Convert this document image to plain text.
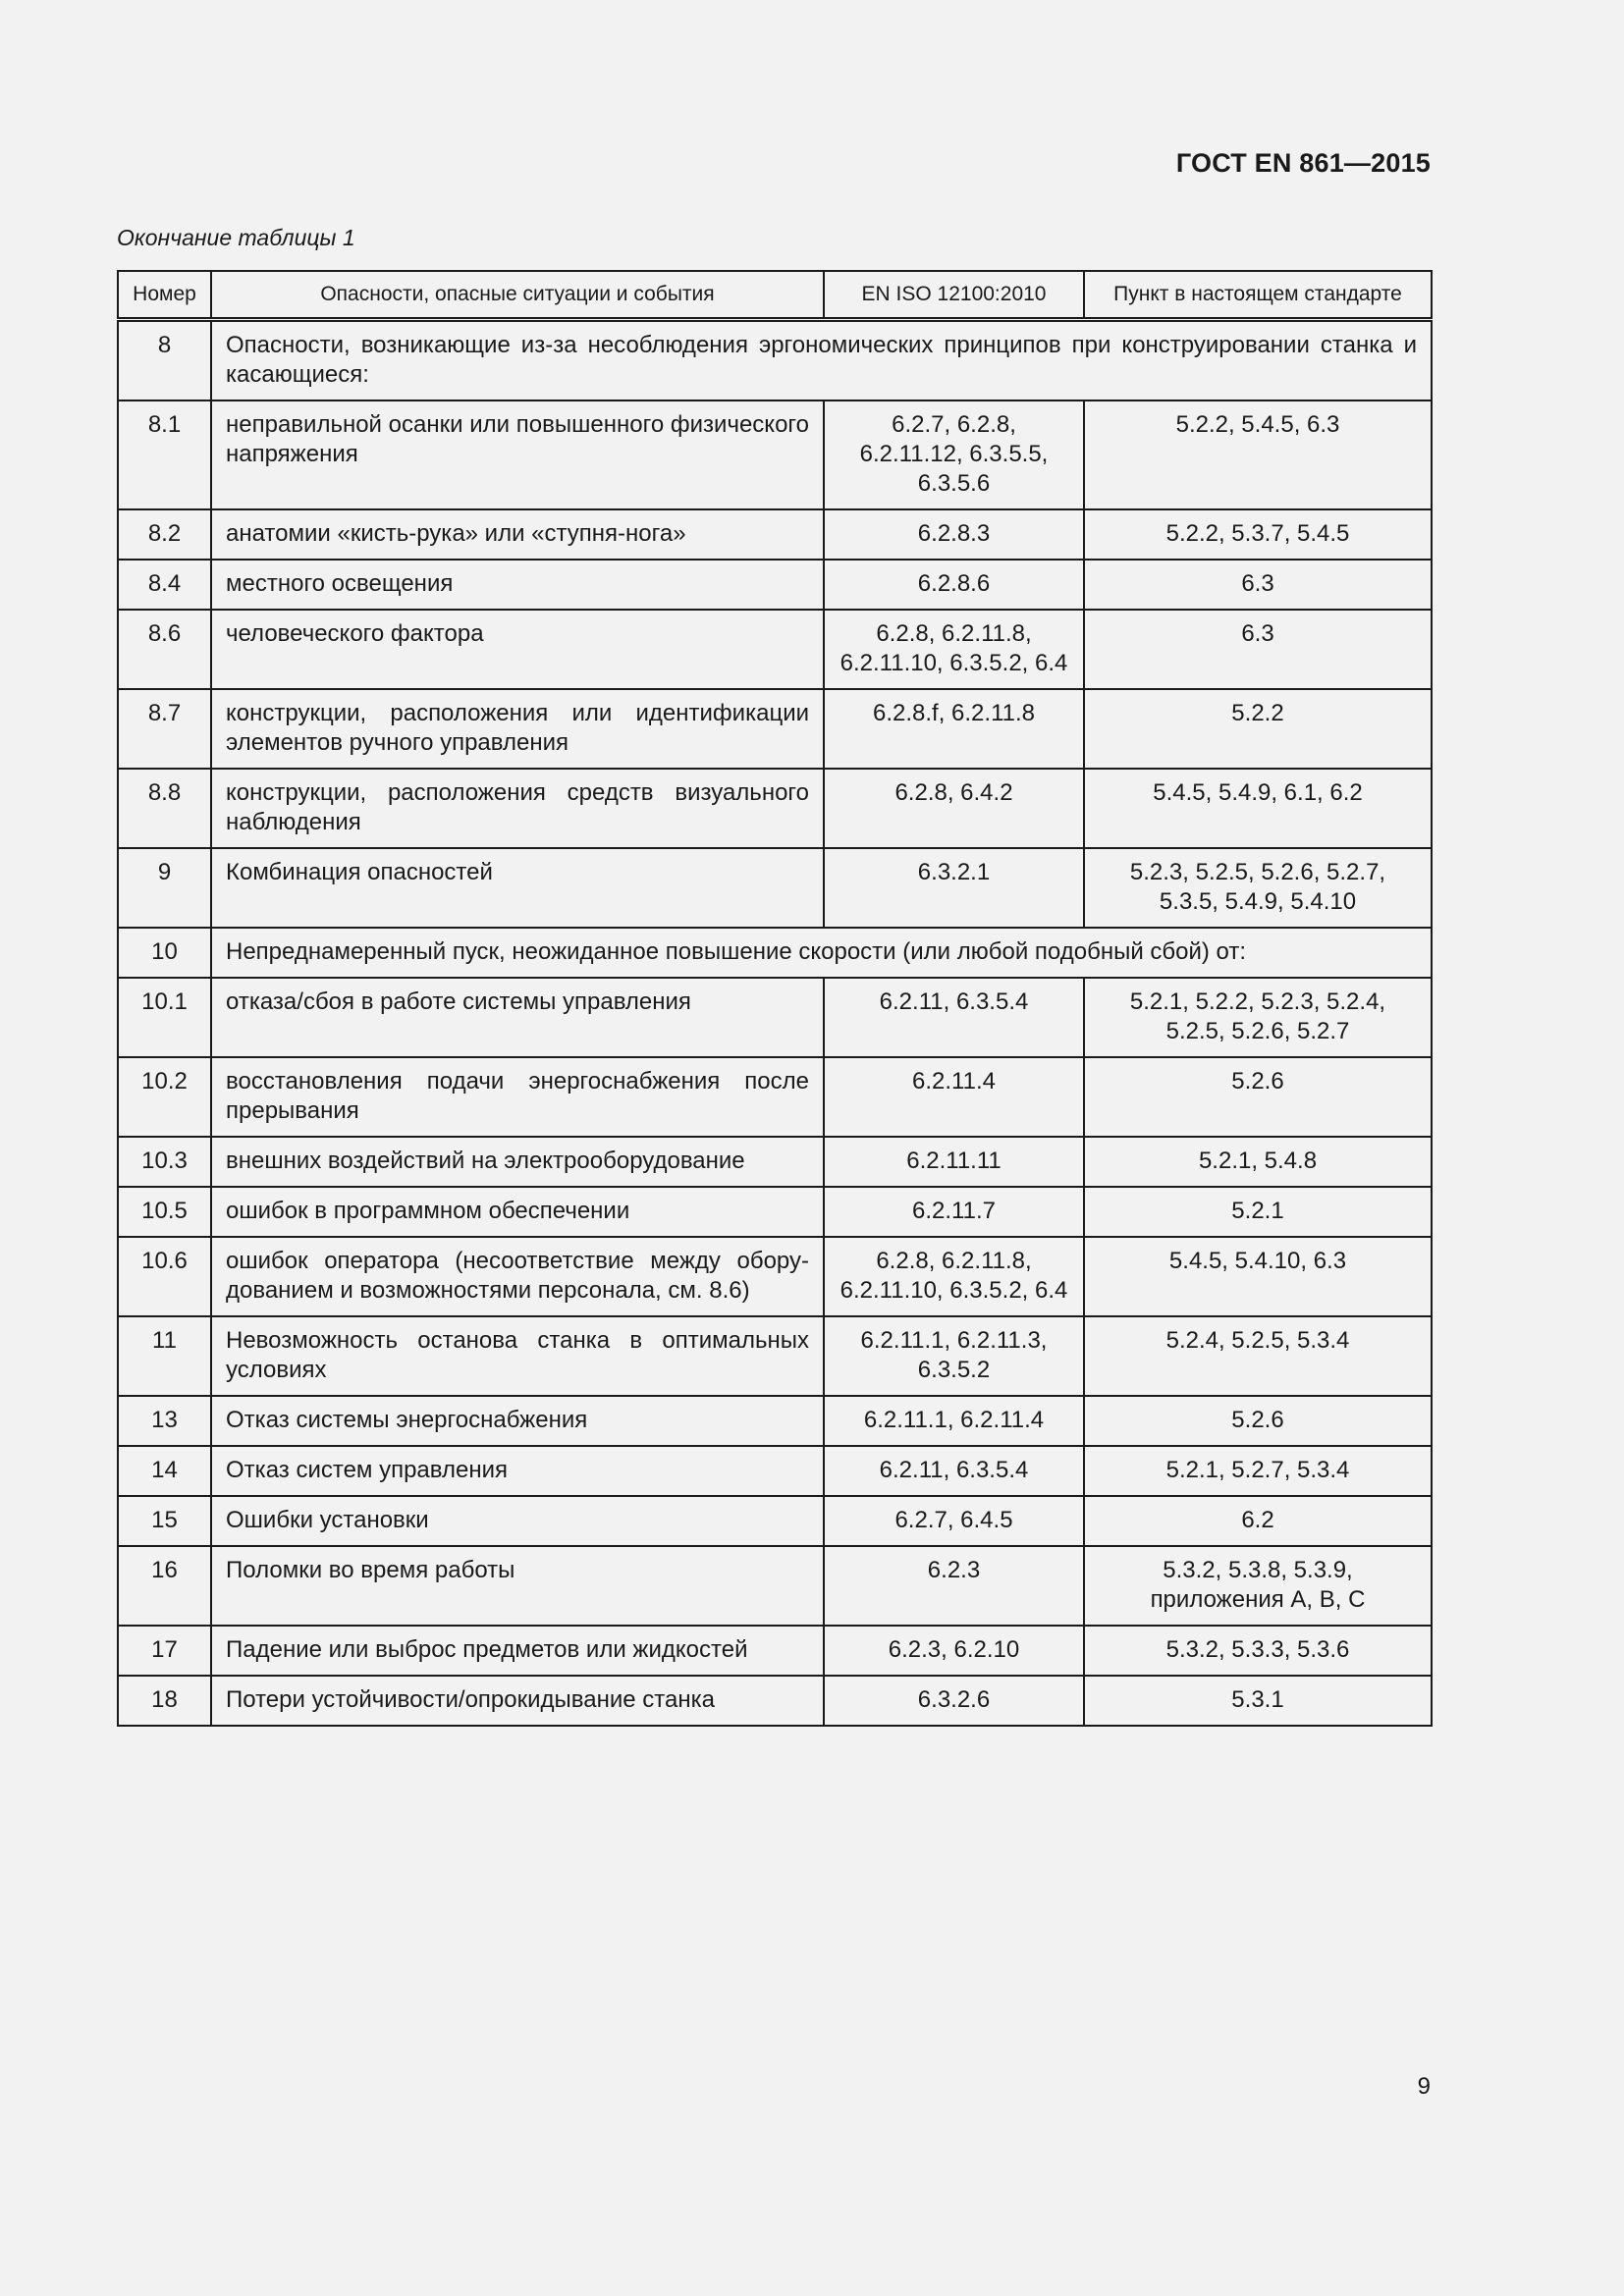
ГОСТ EN 861—2015
Окончание таблицы 1
Номер	Опасности, опасные ситуации и события	EN ISO 12100:2010	Пункт в настоящем стандарте
8	Опасности, возникающие из-за несоблюдения эргономических принципов при конструировании станка и касающиеся:		
8.1	неправильной осанки или повышенного физического напряжения	6.2.7, 6.2.8, 6.2.11.12, 6.3.5.5, 6.3.5.6	5.2.2, 5.4.5, 6.3
8.2	анатомии «кисть-рука» или «ступня-нога»	6.2.8.3	5.2.2, 5.3.7, 5.4.5
8.4	местного освещения	6.2.8.6	6.3
8.6	человеческого фактора	6.2.8, 6.2.11.8, 6.2.11.10, 6.3.5.2, 6.4	6.3
8.7	конструкции, расположения или идентификации элементов ручного управления	6.2.8.f, 6.2.11.8	5.2.2
8.8	конструкции, расположения средств визуального наблюдения	6.2.8, 6.4.2	5.4.5, 5.4.9, 6.1, 6.2
9	Комбинация опасностей	6.3.2.1	5.2.3, 5.2.5, 5.2.6, 5.2.7, 5.3.5, 5.4.9, 5.4.10
10	Непреднамеренный пуск, неожиданное повышение скорости (или любой подобный сбой) от:		
10.1	отказа/сбоя в работе системы управления	6.2.11, 6.3.5.4	5.2.1, 5.2.2, 5.2.3, 5.2.4, 5.2.5, 5.2.6, 5.2.7
10.2	восстановления подачи энергоснабжения после прерывания	6.2.11.4	5.2.6
10.3	внешних воздействий на электрооборудование	6.2.11.11	5.2.1, 5.4.8
10.5	ошибок в программном обеспечении	6.2.11.7	5.2.1
10.6	ошибок оператора (несоответствие между оборудованием и возможностями персонала, см. 8.6)	6.2.8, 6.2.11.8, 6.2.11.10, 6.3.5.2, 6.4	5.4.5, 5.4.10, 6.3
11	Невозможность останова станка в оптимальных условиях	6.2.11.1, 6.2.11.3, 6.3.5.2	5.2.4, 5.2.5, 5.3.4
13	Отказ системы энергоснабжения	6.2.11.1, 6.2.11.4	5.2.6
14	Отказ систем управления	6.2.11, 6.3.5.4	5.2.1, 5.2.7, 5.3.4
15	Ошибки установки	6.2.7, 6.4.5	6.2
16	Поломки во время работы	6.2.3	5.3.2, 5.3.8, 5.3.9, приложения А, В, С
17	Падение или выброс предметов или жидкостей	6.2.3, 6.2.10	5.3.2, 5.3.3, 5.3.6
18	Потери устойчивости/опрокидывание станка	6.3.2.6	5.3.1
9
